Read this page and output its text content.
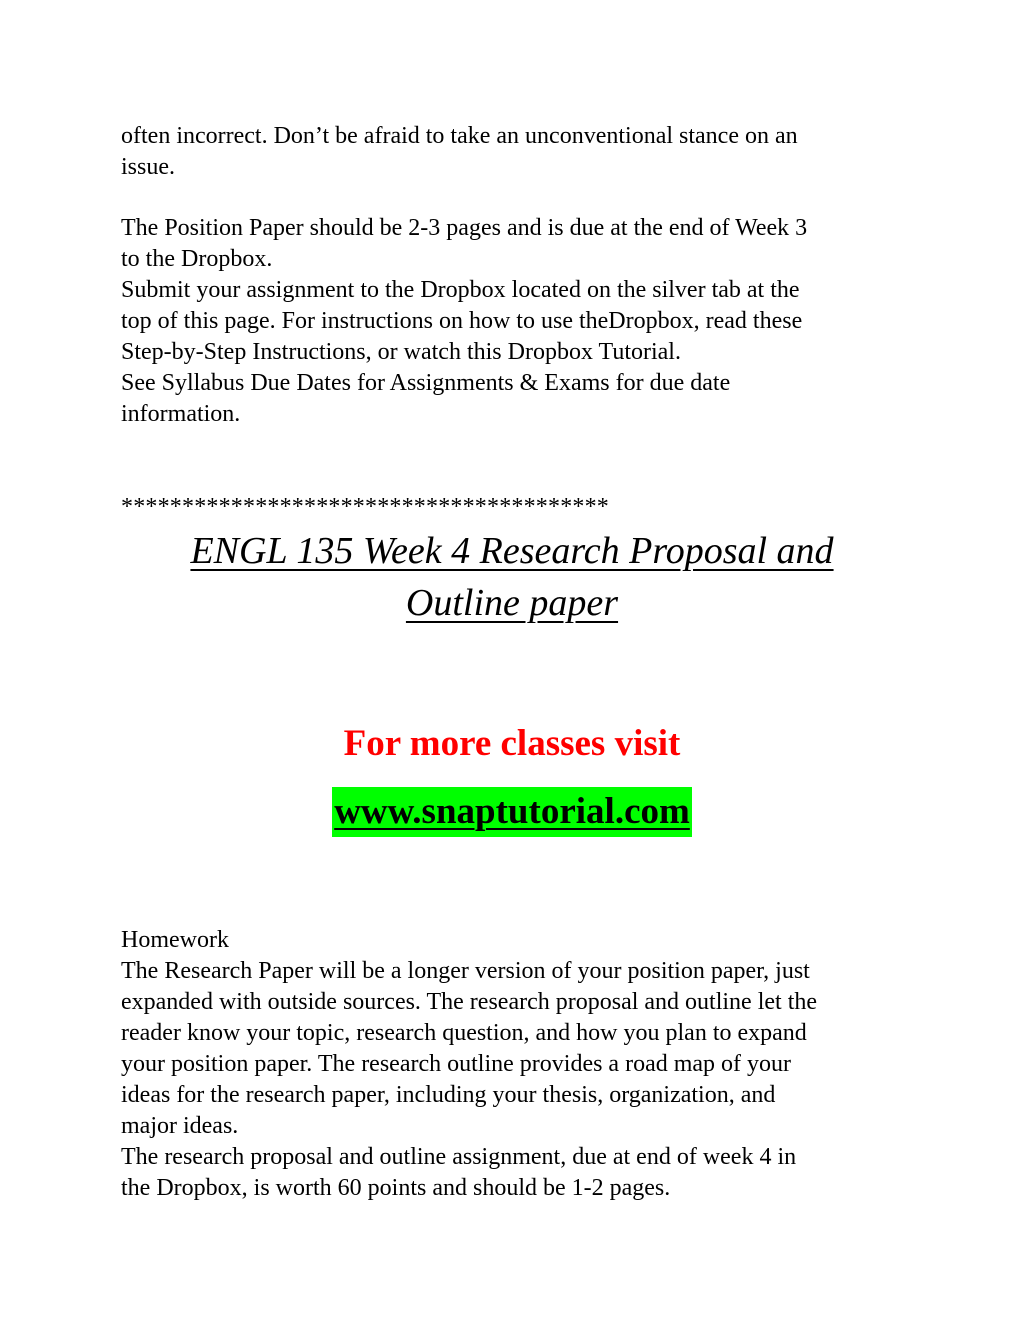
often incorrect. Don’t be afraid to take an unconventional stance on an
issue.

The Position Paper should be 2-3 pages and is due at the end of Week 3
to the Dropbox.
Submit your assignment to the Dropbox located on the silver tab at the
top of this page. For instructions on how to use theDropbox, read these
Step-by-Step Instructions, or watch this Dropbox Tutorial.
See Syllabus Due Dates for Assignments & Exams for due date
information.

****************************************
ENGL 135 Week 4 Research Proposal and
Outline paper
For more classes visit
www.snaptutorial.com

Homework
The Research Paper will be a longer version of your position paper, just
expanded with outside sources. The research proposal and outline let the
reader know your topic, research question, and how you plan to expand
your position paper. The research outline provides a road map of your
ideas for the research paper, including your thesis, organization, and
major ideas.
The research proposal and outline assignment, due at end of week 4 in
the Dropbox, is worth 60 points and should be 1-2 pages.
